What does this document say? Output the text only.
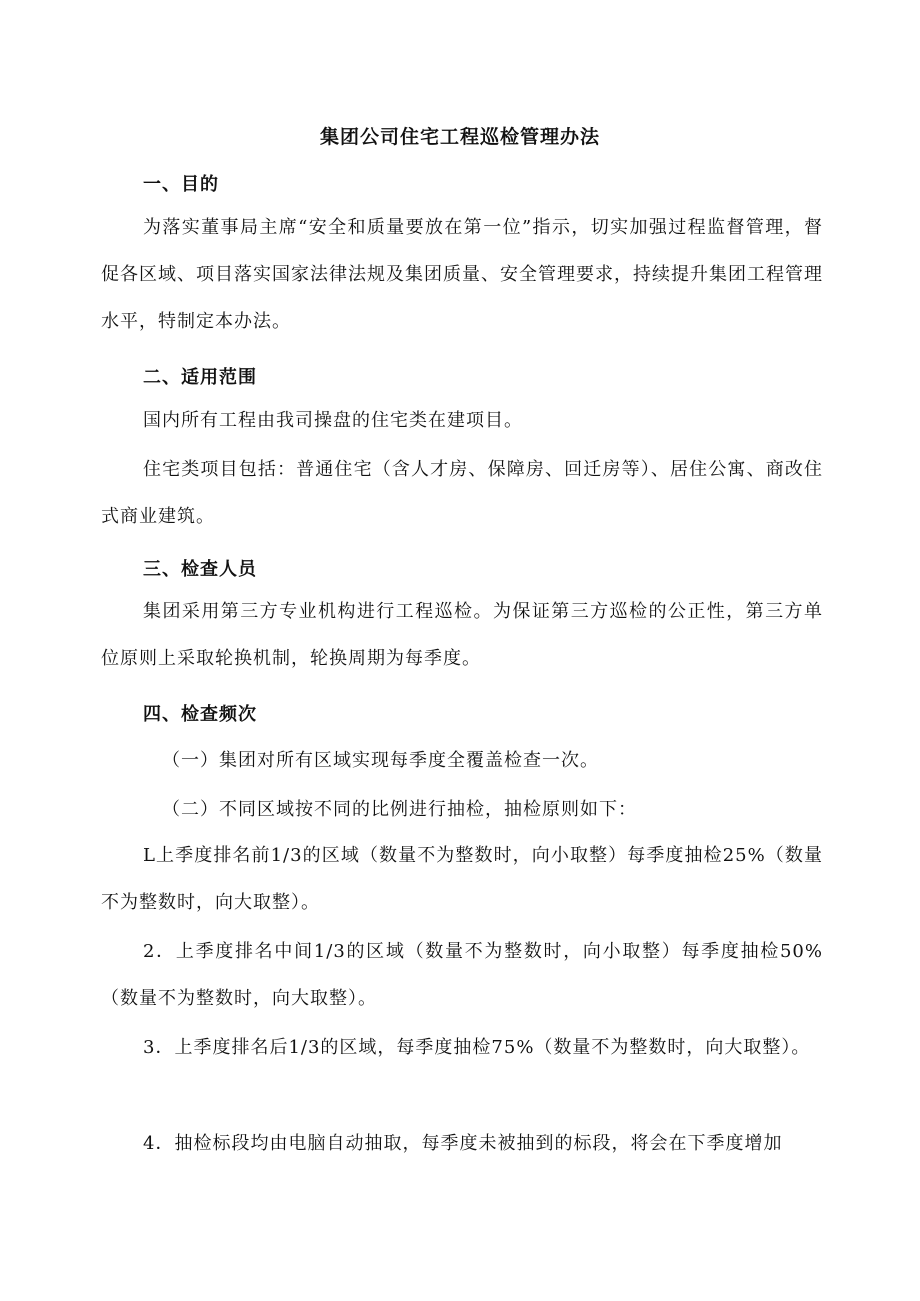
集团公司住宅工程巡检管理办法
一、目的
为落实董事局主席“安全和质量要放在第一位”指示，切实加强过程监督管理，督促各区域、项目落实国家法律法规及集团质量、安全管理要求，持续提升集团工程管理水平，特制定本办法。
二、适用范围
国内所有工程由我司操盘的住宅类在建项目。
住宅类项目包括：普通住宅（含人才房、保障房、回迁房等）、居住公寓、商改住式商业建筑。
三、检查人员
集团采用第三方专业机构进行工程巡检。为保证第三方巡检的公正性，第三方单位原则上采取轮换机制，轮换周期为每季度。
四、检查频次
（一）集团对所有区域实现每季度全覆盖检查一次。
（二）不同区域按不同的比例进行抽检，抽检原则如下：
L上季度排名前1/3的区域（数量不为整数时，向小取整）每季度抽检25%（数量不为整数时，向大取整）。
2．上季度排名中间1/3的区域（数量不为整数时，向小取整）每季度抽检50%（数量不为整数时，向大取整）。
3．上季度排名后1/3的区域，每季度抽检75%（数量不为整数时，向大取整）。
4．抽检标段均由电脑自动抽取，每季度未被抽到的标段，将会在下季度增加
